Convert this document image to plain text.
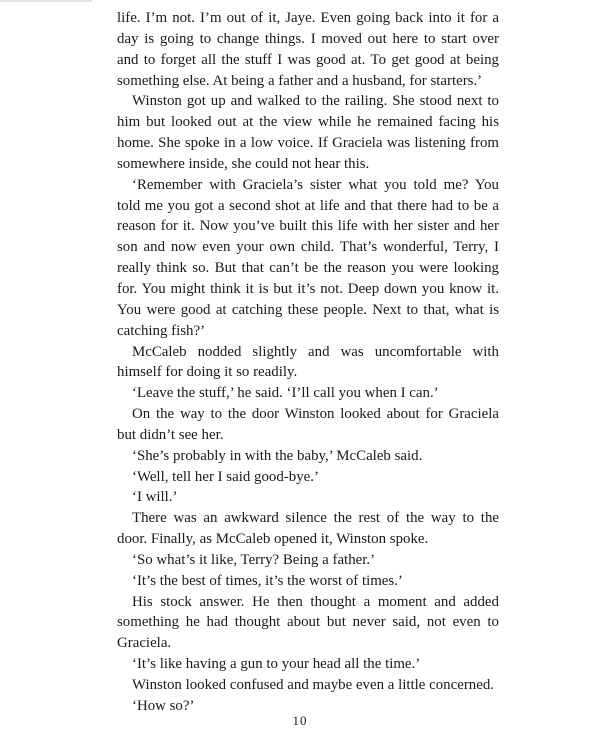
life. I’m not. I’m out of it, Jaye. Even going back into it for a day is going to change things. I moved out here to start over and to forget all the stuff I was good at. To get good at being something else. At being a father and a husband, for starters.’

Winston got up and walked to the railing. She stood next to him but looked out at the view while he remained facing his home. She spoke in a low voice. If Graciela was listening from somewhere inside, she could not hear this.

‘Remember with Graciela’s sister what you told me? You told me you got a second shot at life and that there had to be a reason for it. Now you’ve built this life with her sister and her son and now even your own child. That’s wonderful, Terry, I really think so. But that can’t be the reason you were looking for. You might think it is but it’s not. Deep down you know it. You were good at catching these people. Next to that, what is catching fish?’

McCaleb nodded slightly and was uncomfortable with himself for doing it so readily.

‘Leave the stuff,’ he said. ‘I’ll call you when I can.’

On the way to the door Winston looked about for Graciela but didn’t see her.

‘She’s probably in with the baby,’ McCaleb said.

‘Well, tell her I said good-bye.’

‘I will.’

There was an awkward silence the rest of the way to the door. Finally, as McCaleb opened it, Winston spoke.

‘So what’s it like, Terry? Being a father.’

‘It’s the best of times, it’s the worst of times.’

His stock answer. He then thought a moment and added something he had thought about but never said, not even to Graciela.

‘It’s like having a gun to your head all the time.’

Winston looked confused and maybe even a little concerned.

‘How so?’

10
